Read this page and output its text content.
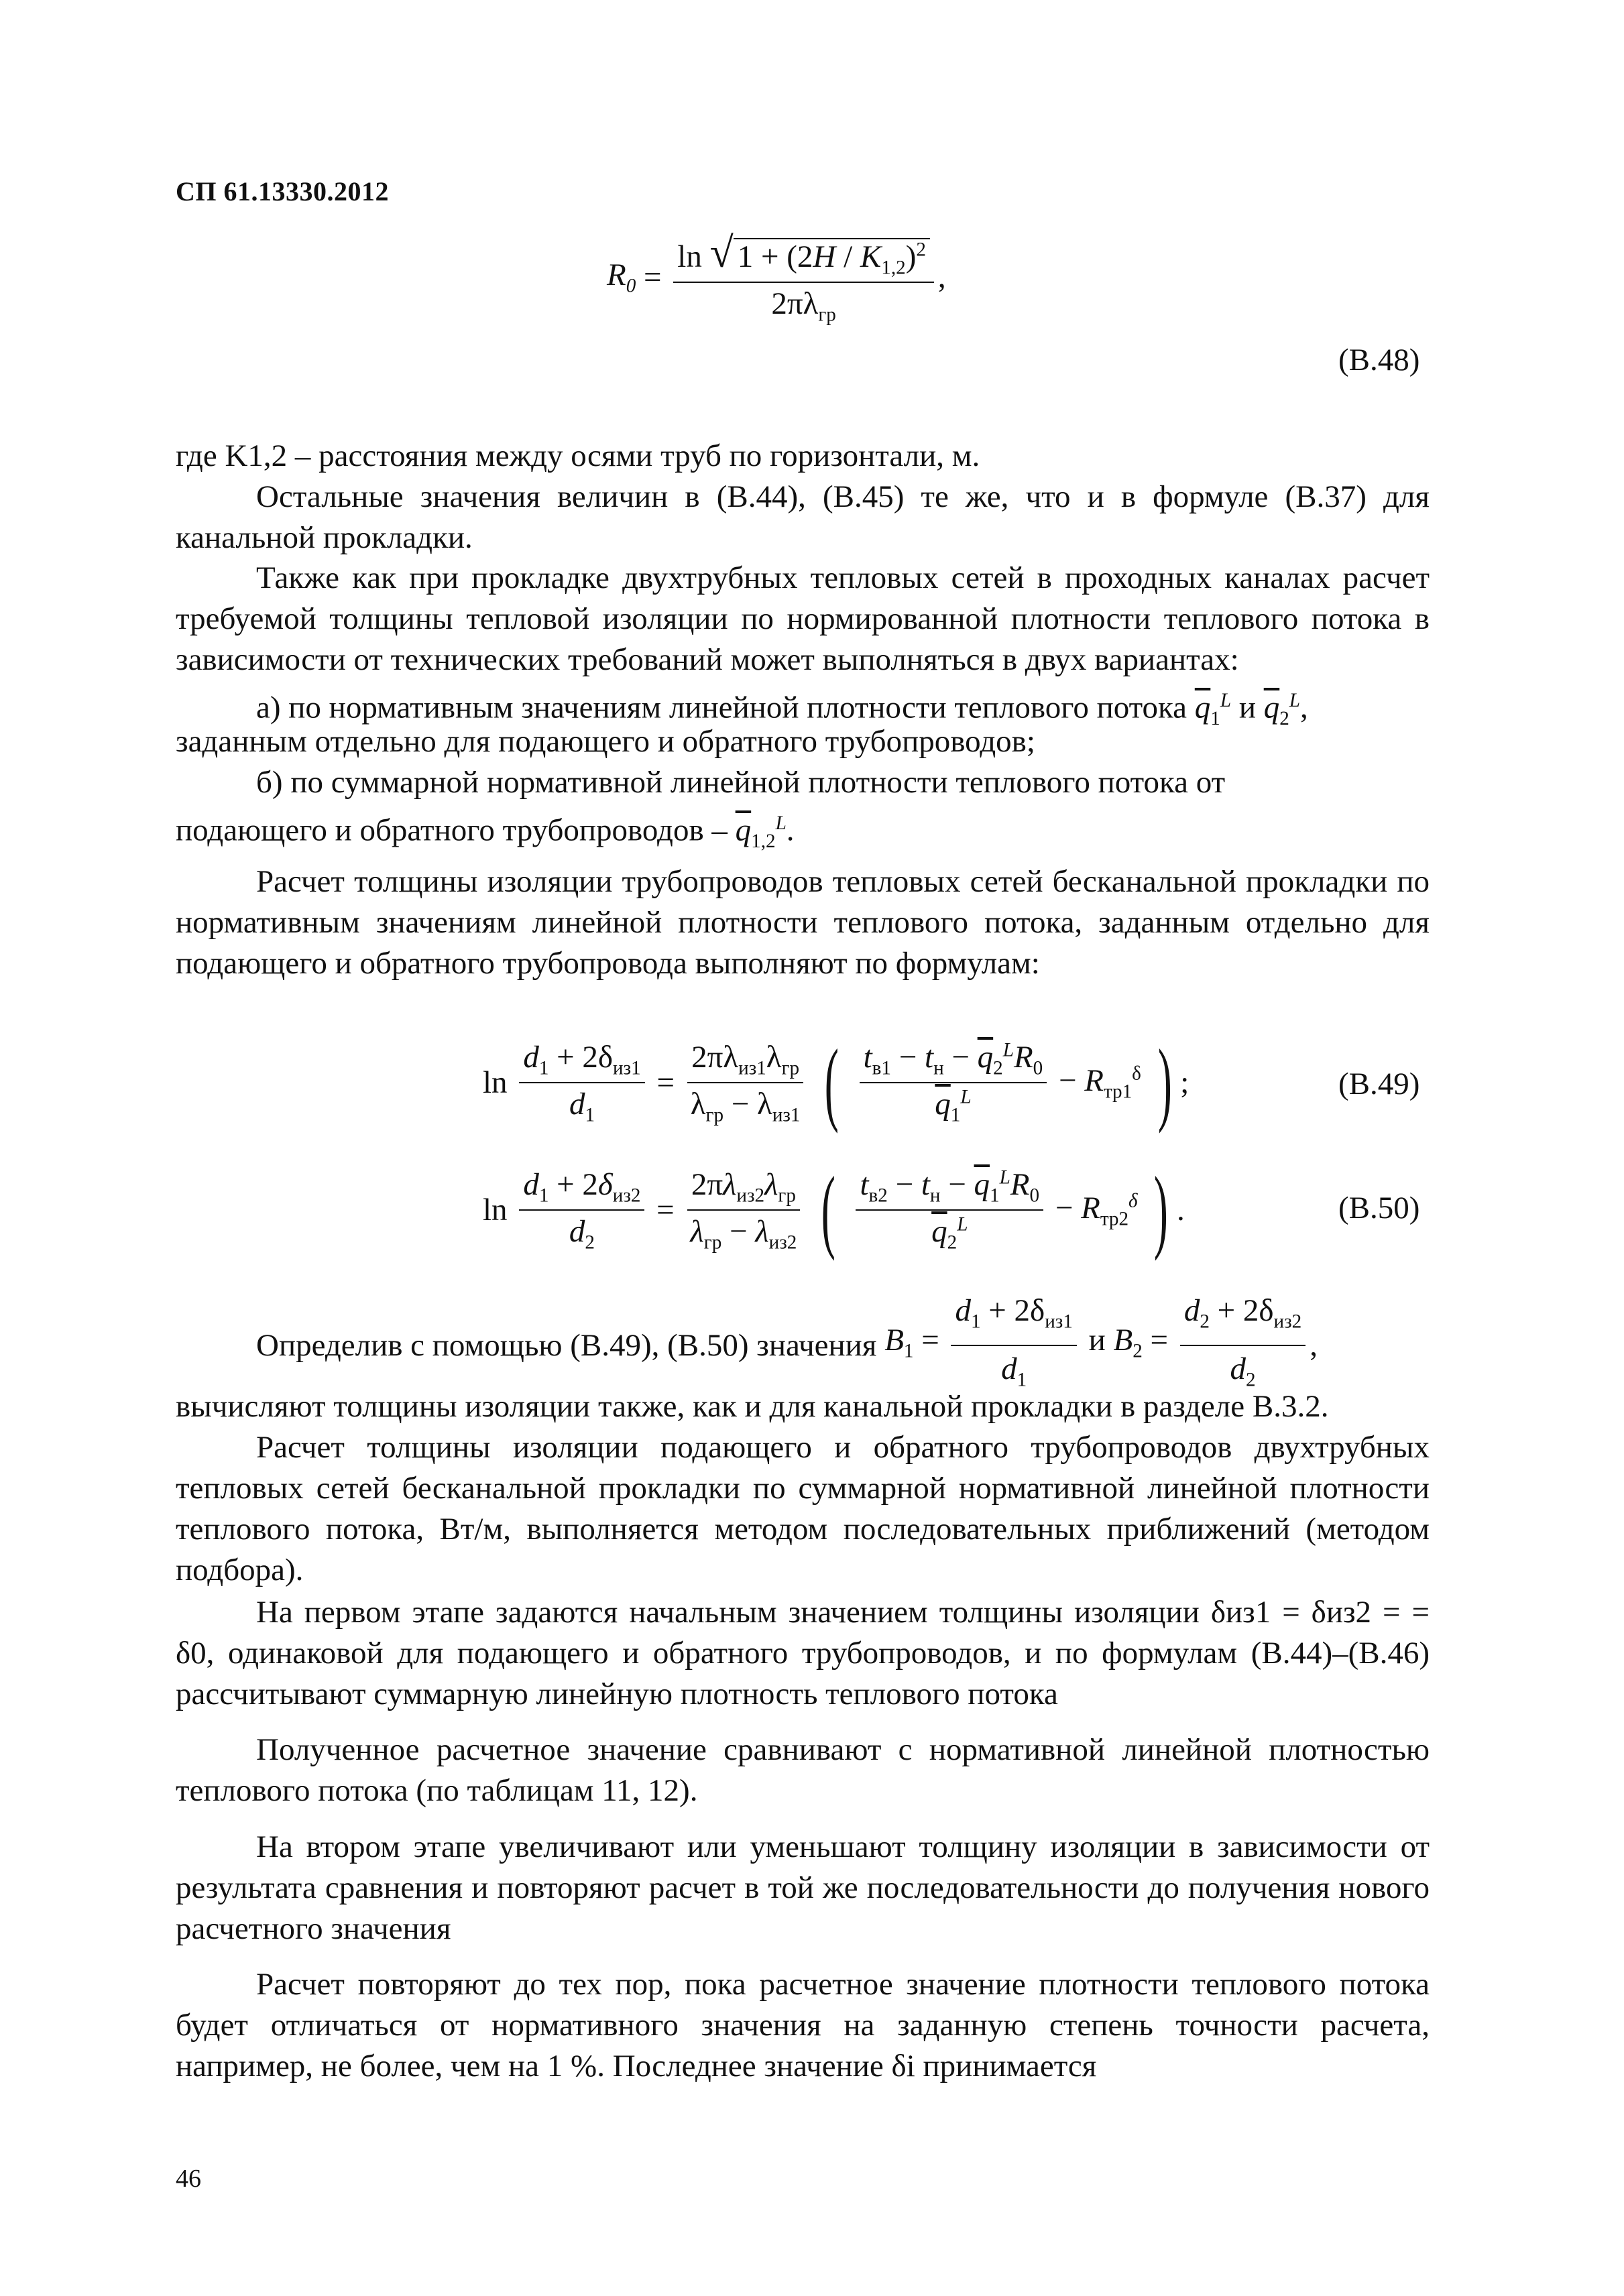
СП 61.13330.2012
$R_0 = \frac{\ln √ 1 + (2H / K_{1,2})^2}{2\pi\lambda_{гр}}$ ,
(В.48)
где K1,2 – расстояния между осями труб по горизонтали, м.
Остальные значения величин в (В.44), (В.45) те же, что и в формуле (В.37) для канальной прокладки.
Также как при прокладке двухтрубных тепловых сетей в проходных каналах расчет требуемой толщины тепловой изоляции по нормированной плотности теплового потока в зависимости от технических требований может выполняться в двух вариантах:
а) по нормативным значениям линейной плотности теплового потока $\overline{q}_1^L$ и $\overline{q}_2^L$,
заданным отдельно для подающего и обратного трубопроводов;
б) по суммарной нормативной линейной плотности теплового потока от
подающего и обратного трубопроводов – $\overline{q}_{1,2}^L$.
Расчет толщины изоляции трубопроводов тепловых сетей бесканальной прокладки по нормативным значениям линейной плотности теплового потока, заданным отдельно для подающего и обратного трубопровода выполняют по формулам:
$\ln \frac{d_1 + 2\delta_{из1}}{d_1} = \frac{2\pi\lambda_{из1}\lambda_{гр}}{\lambda_{гр} - \lambda_{из1}}$ ( $\frac{t_{в1} - t_н - \overline{q}_2^LR_0}{\overline{q}_1^L} - R_{тр1}^\delta$ ) ;	(В.49)
$\ln \frac{d_1 + 2\delta_{из2}}{d_2} = \frac{2\pi\lambda_{из2}\lambda_{гр}}{\lambda_{гр} - \lambda_{из2}}$ ( $\frac{t_{в2} - t_н - \overline{q}_1^LR_0}{\overline{q}_2^L} - R_{тр2}^\delta$ ) .	(В.50)
Определив с помощью (В.49), (В.50) значения $B_1 = \frac{d_1 + 2\delta_{из1}}{d_1}$ и $B_2 = \frac{d_2 + 2\delta_{из2}}{d_2}$ ,
вычисляют толщины изоляции также, как и для канальной прокладки в разделе В.3.2.
Расчет толщины изоляции подающего и обратного трубопроводов двухтрубных тепловых сетей бесканальной прокладки по суммарной нормативной линейной плотности теплового потока, Вт/м, выполняется методом последовательных приближений (методом подбора).
На первом этапе задаются начальным значением толщины изоляции δиз1 = δиз2 = = δ0, одинаковой для подающего и обратного трубопроводов, и по формулам (В.44)–(В.46) рассчитывают суммарную линейную плотность теплового потока
Полученное расчетное значение сравнивают с нормативной линейной плотностью теплового потока (по таблицам 11, 12).
На втором этапе увеличивают или уменьшают толщину изоляции в зависимости от результата сравнения и повторяют расчет в той же последовательности до получения нового расчетного значения
Расчет повторяют до тех пор, пока расчетное значение плотности теплового потока будет отличаться от нормативного значения на заданную степень точности расчета, например, не более, чем на 1 %. Последнее значение δi принимается
46
